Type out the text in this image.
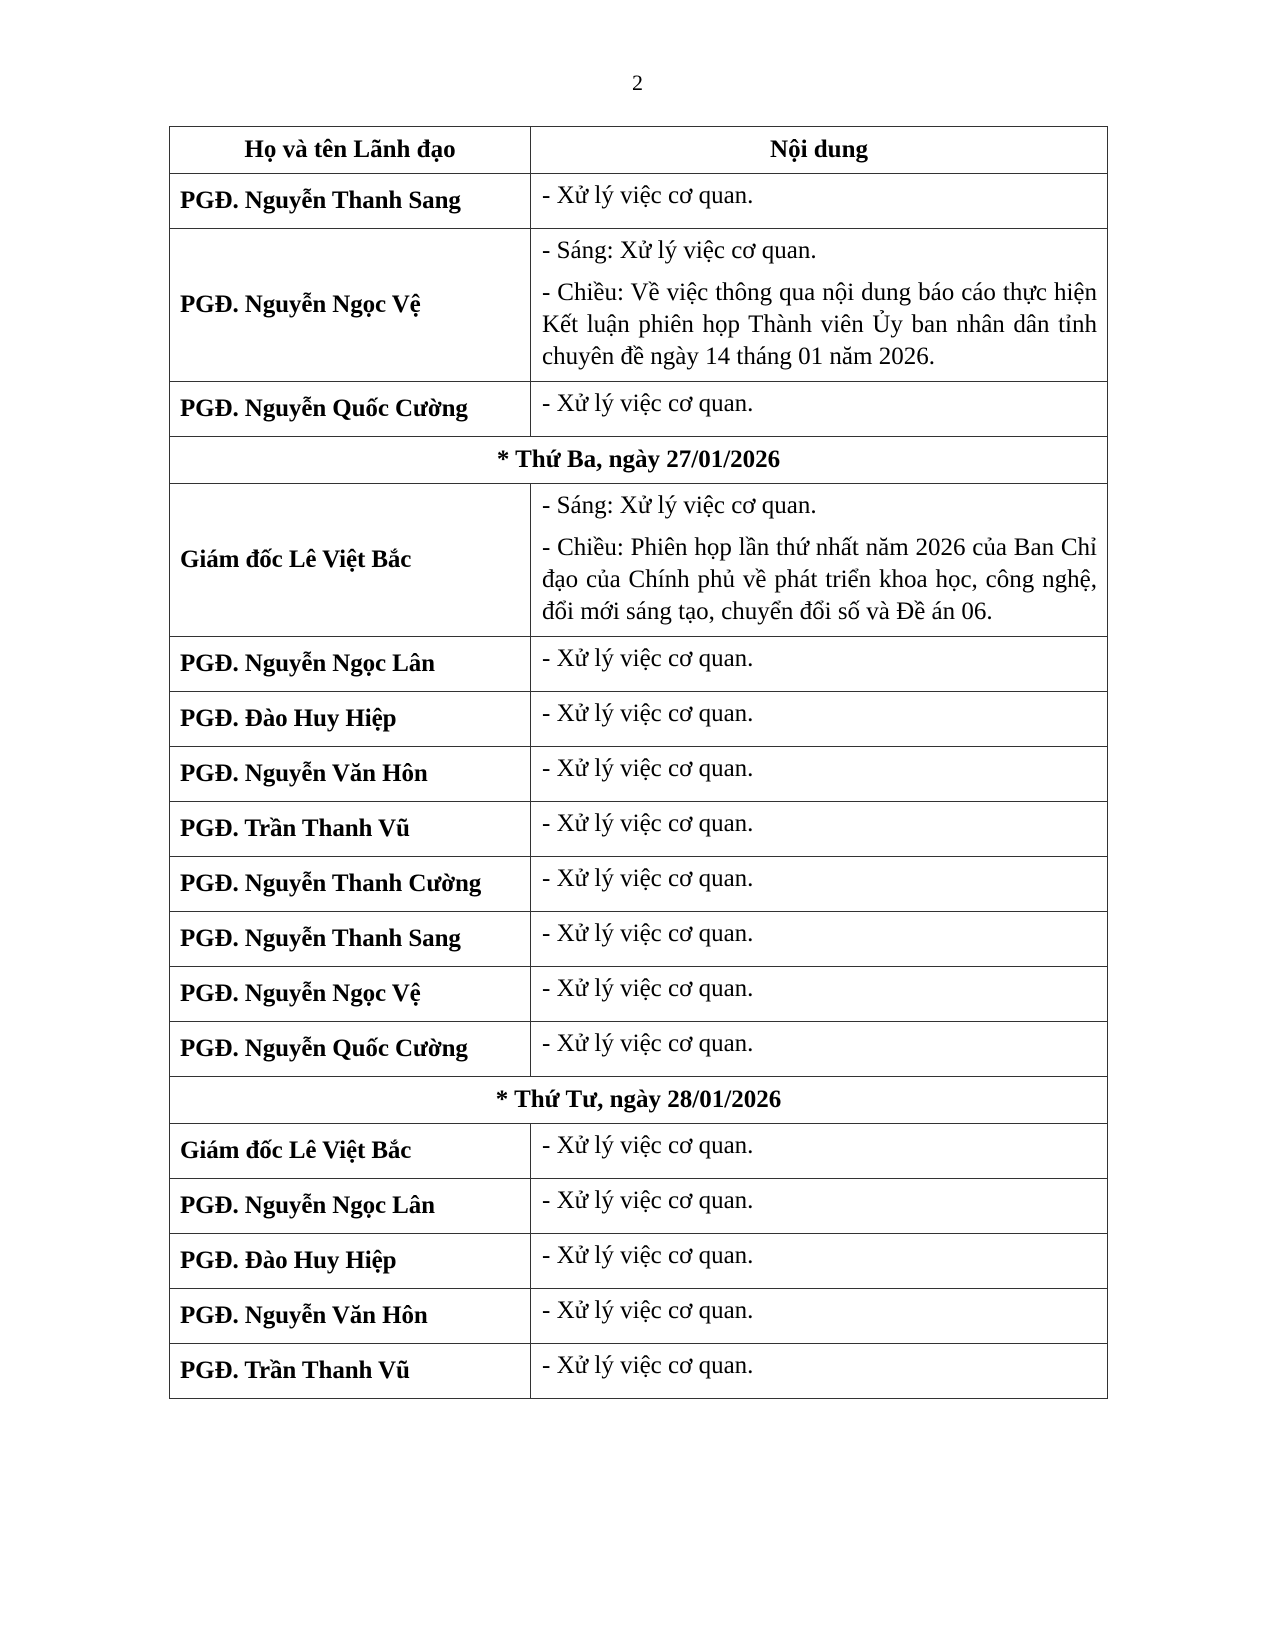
2
Họ và tên Lãnh đạo	Nội dung
PGĐ. Nguyễn Thanh Sang	- Xử lý việc cơ quan.

PGĐ. Nguyễn Ngọc Vệ	- Sáng: Xử lý việc cơ quan.

- Chiều: Về việc thông qua nội dung báo cáo thực hiện Kết luận phiên họp Thành viên Ủy ban nhân dân tỉnh chuyên đề ngày 14 tháng 01 năm 2026.

PGĐ. Nguyễn Quốc Cường	- Xử lý việc cơ quan.

* Thứ Ba, ngày 27/01/2026	
Giám đốc Lê Việt Bắc	- Sáng: Xử lý việc cơ quan.

- Chiều: Phiên họp lần thứ nhất năm 2026 của Ban Chỉ đạo của Chính phủ về phát triển khoa học, công nghệ, đổi mới sáng tạo, chuyển đổi số và Đề án 06.

PGĐ. Nguyễn Ngọc Lân	- Xử lý việc cơ quan.

PGĐ. Đào Huy Hiệp	- Xử lý việc cơ quan.

PGĐ. Nguyễn Văn Hôn	- Xử lý việc cơ quan.

PGĐ. Trần Thanh Vũ	- Xử lý việc cơ quan.

PGĐ. Nguyễn Thanh Cường	- Xử lý việc cơ quan.

PGĐ. Nguyễn Thanh Sang	- Xử lý việc cơ quan.

PGĐ. Nguyễn Ngọc Vệ	- Xử lý việc cơ quan.

PGĐ. Nguyễn Quốc Cường	- Xử lý việc cơ quan.

* Thứ Tư, ngày 28/01/2026	
Giám đốc Lê Việt Bắc	- Xử lý việc cơ quan.

PGĐ. Nguyễn Ngọc Lân	- Xử lý việc cơ quan.

PGĐ. Đào Huy Hiệp	- Xử lý việc cơ quan.

PGĐ. Nguyễn Văn Hôn	- Xử lý việc cơ quan.

PGĐ. Trần Thanh Vũ	- Xử lý việc cơ quan.
